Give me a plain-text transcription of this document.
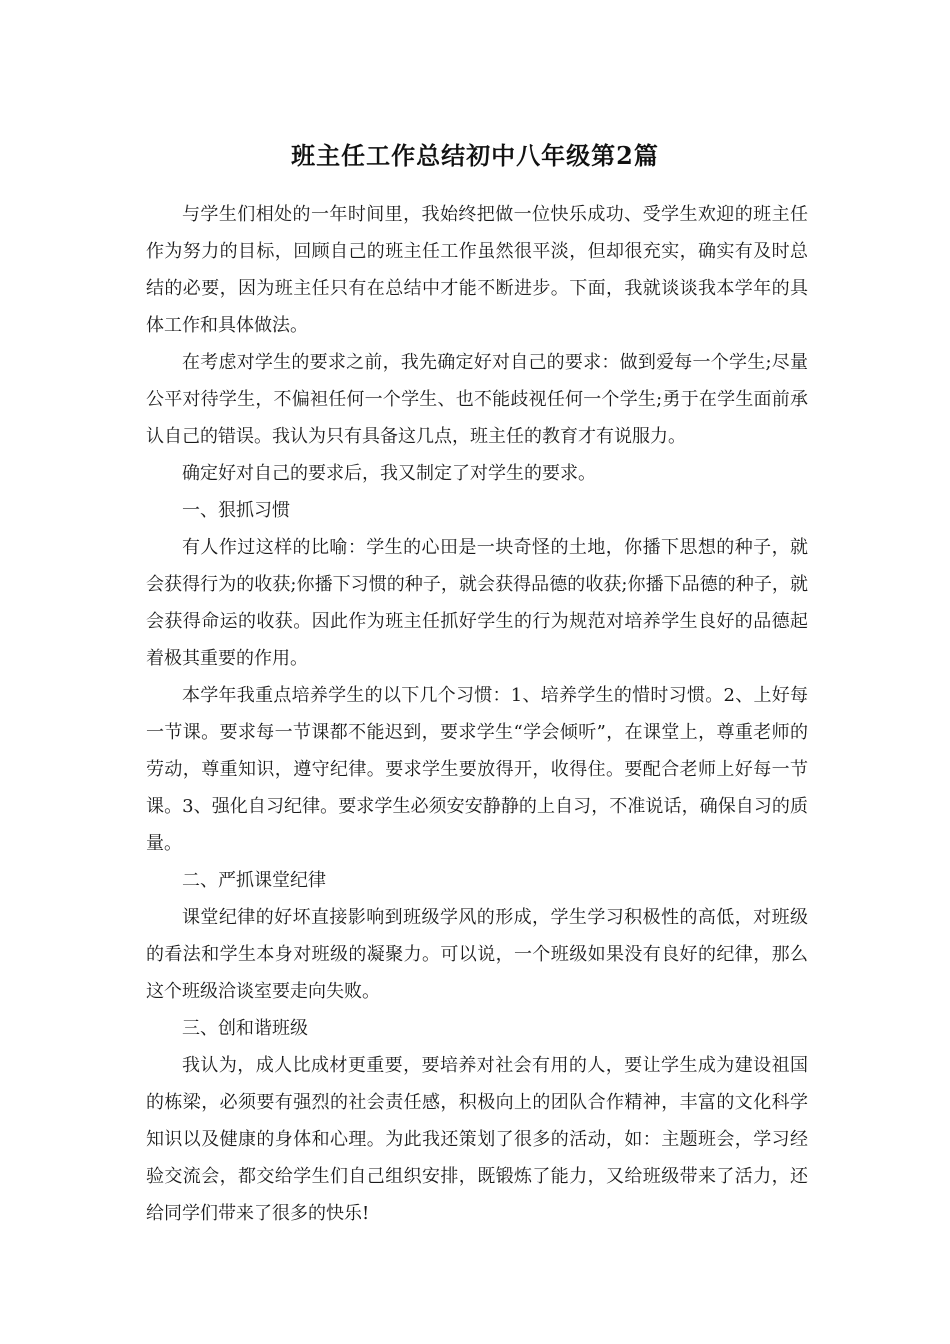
班主任工作总结初中八年级第2篇

与学生们相处的一年时间里，我始终把做一位快乐成功、受学生欢迎的班主任作为努力的目标，回顾自己的班主任工作虽然很平淡，但却很充实，确实有及时总结的必要，因为班主任只有在总结中才能不断进步。下面，我就谈谈我本学年的具体工作和具体做法。

在考虑对学生的要求之前，我先确定好对自己的要求：做到爱每一个学生;尽量公平对待学生，不偏袒任何一个学生、也不能歧视任何一个学生;勇于在学生面前承认自己的错误。我认为只有具备这几点，班主任的教育才有说服力。

确定好对自己的要求后，我又制定了对学生的要求。

一、狠抓习惯

有人作过这样的比喻：学生的心田是一块奇怪的土地，你播下思想的种子，就会获得行为的收获;你播下习惯的种子，就会获得品德的收获;你播下品德的种子，就会获得命运的收获。因此作为班主任抓好学生的行为规范对培养学生良好的品德起着极其重要的作用。

本学年我重点培养学生的以下几个习惯：1、培养学生的惜时习惯。2、上好每一节课。要求每一节课都不能迟到，要求学生“学会倾听”，在课堂上，尊重老师的劳动，尊重知识，遵守纪律。要求学生要放得开，收得住。要配合老师上好每一节课。3、强化自习纪律。要求学生必须安安静静的上自习，不准说话，确保自习的质量。

二、严抓课堂纪律

课堂纪律的好坏直接影响到班级学风的形成，学生学习积极性的高低，对班级的看法和学生本身对班级的凝聚力。可以说，一个班级如果没有良好的纪律，那么这个班级洽谈室要走向失败。

三、创和谐班级

我认为，成人比成材更重要，要培养对社会有用的人，要让学生成为建设祖国的栋梁，必须要有强烈的社会责任感，积极向上的团队合作精神，丰富的文化科学知识以及健康的身体和心理。为此我还策划了很多的活动，如：主题班会，学习经验交流会，都交给学生们自己组织安排，既锻炼了能力，又给班级带来了活力，还给同学们带来了很多的快乐!
